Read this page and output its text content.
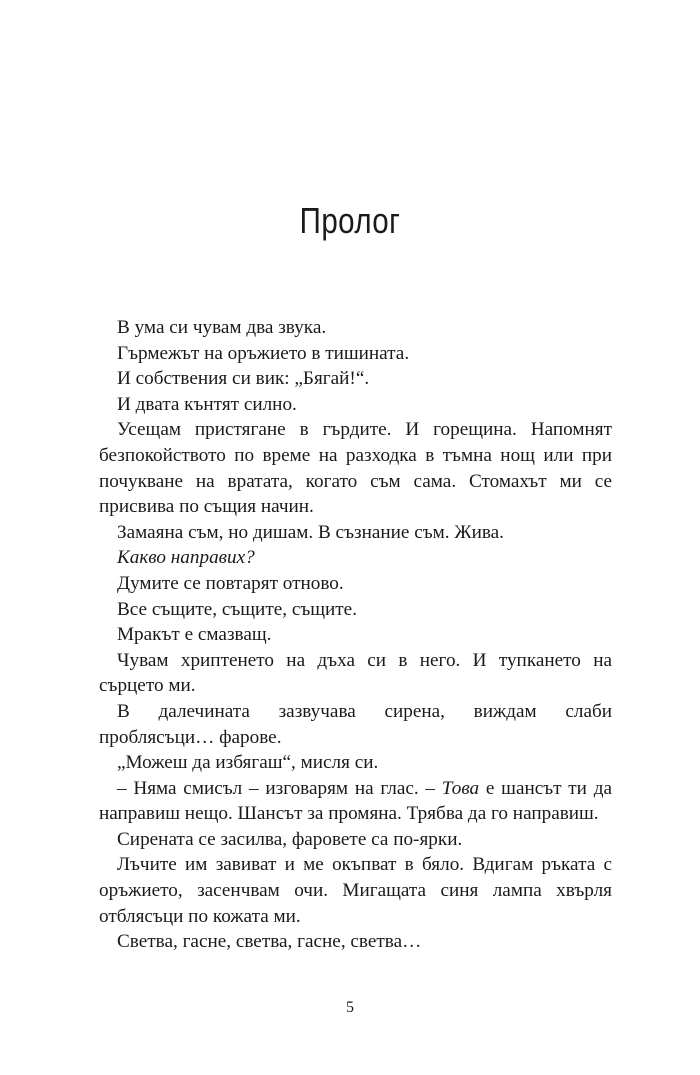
Пролог

В ума си чувам два звука.

Гърмежът на оръжието в тишината.

И собствения си вик: „Бягай!“.

И двата кънтят силно.

Усещам пристягане в гърдите. И горещина. Напомнят безпокойството по време на разходка в тъмна нощ или при почукване на вратата, когато съм сама. Стомахът ми се присвива по същия начин.

Замаяна съм, но дишам. В съзнание съм. Жива.

Какво направих?

Думите се повтарят отново.

Все същите, същите, същите.

Мракът е смазващ.

Чувам хриптенето на дъха си в него. И тупкането на сърцето ми.

В далечината зазвучава сирена, виждам слаби проблясъци… фарове.

„Можеш да избягаш“, мисля си.

– Няма смисъл – изговарям на глас. – Това е шансът ти да направиш нещо. Шансът за промяна. Трябва да го направиш.

Сирената се засилва, фаровете са по-ярки.

Лъчите им завиват и ме окъпват в бяло. Вдигам ръката с оръжието, засенчвам очи. Мигащата синя лампа хвърля отблясъци по кожата ми.

Светва, гасне, светва, гасне, светва…

5
